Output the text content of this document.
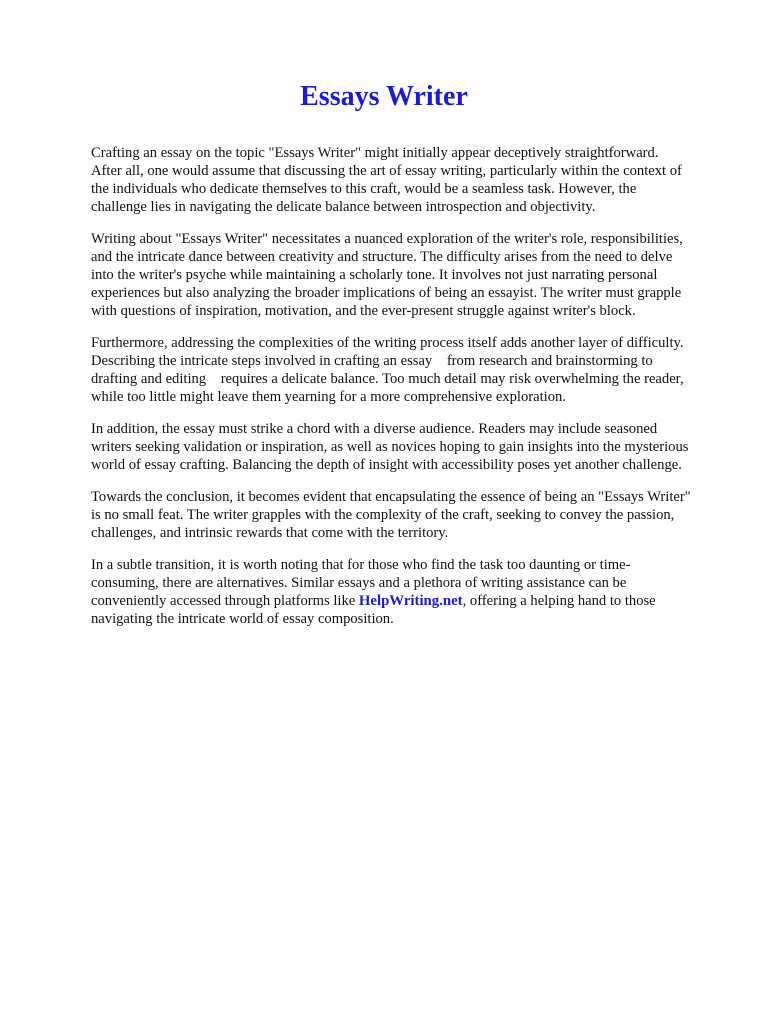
Essays Writer

Crafting an essay on the topic "Essays Writer" might initially appear deceptively straightforward. After all, one would assume that discussing the art of essay writing, particularly within the context of the individuals who dedicate themselves to this craft, would be a seamless task. However, the challenge lies in navigating the delicate balance between introspection and objectivity.

Writing about "Essays Writer" necessitates a nuanced exploration of the writer's role, responsibilities, and the intricate dance between creativity and structure. The difficulty arises from the need to delve into the writer's psyche while maintaining a scholarly tone. It involves not just narrating personal experiences but also analyzing the broader implications of being an essayist. The writer must grapple with questions of inspiration, motivation, and the ever-present struggle against writer's block.

Furthermore, addressing the complexities of the writing process itself adds another layer of difficulty. Describing the intricate steps involved in crafting an essay   from research and brainstorming to drafting and editing   requires a delicate balance. Too much detail may risk overwhelming the reader, while too little might leave them yearning for a more comprehensive exploration.

In addition, the essay must strike a chord with a diverse audience. Readers may include seasoned writers seeking validation or inspiration, as well as novices hoping to gain insights into the mysterious world of essay crafting. Balancing the depth of insight with accessibility poses yet another challenge.

Towards the conclusion, it becomes evident that encapsulating the essence of being an "Essays Writer" is no small feat. The writer grapples with the complexity of the craft, seeking to convey the passion, challenges, and intrinsic rewards that come with the territory.

In a subtle transition, it is worth noting that for those who find the task too daunting or time-consuming, there are alternatives. Similar essays and a plethora of writing assistance can be conveniently accessed through platforms like HelpWriting.net, offering a helping hand to those navigating the intricate world of essay composition.
